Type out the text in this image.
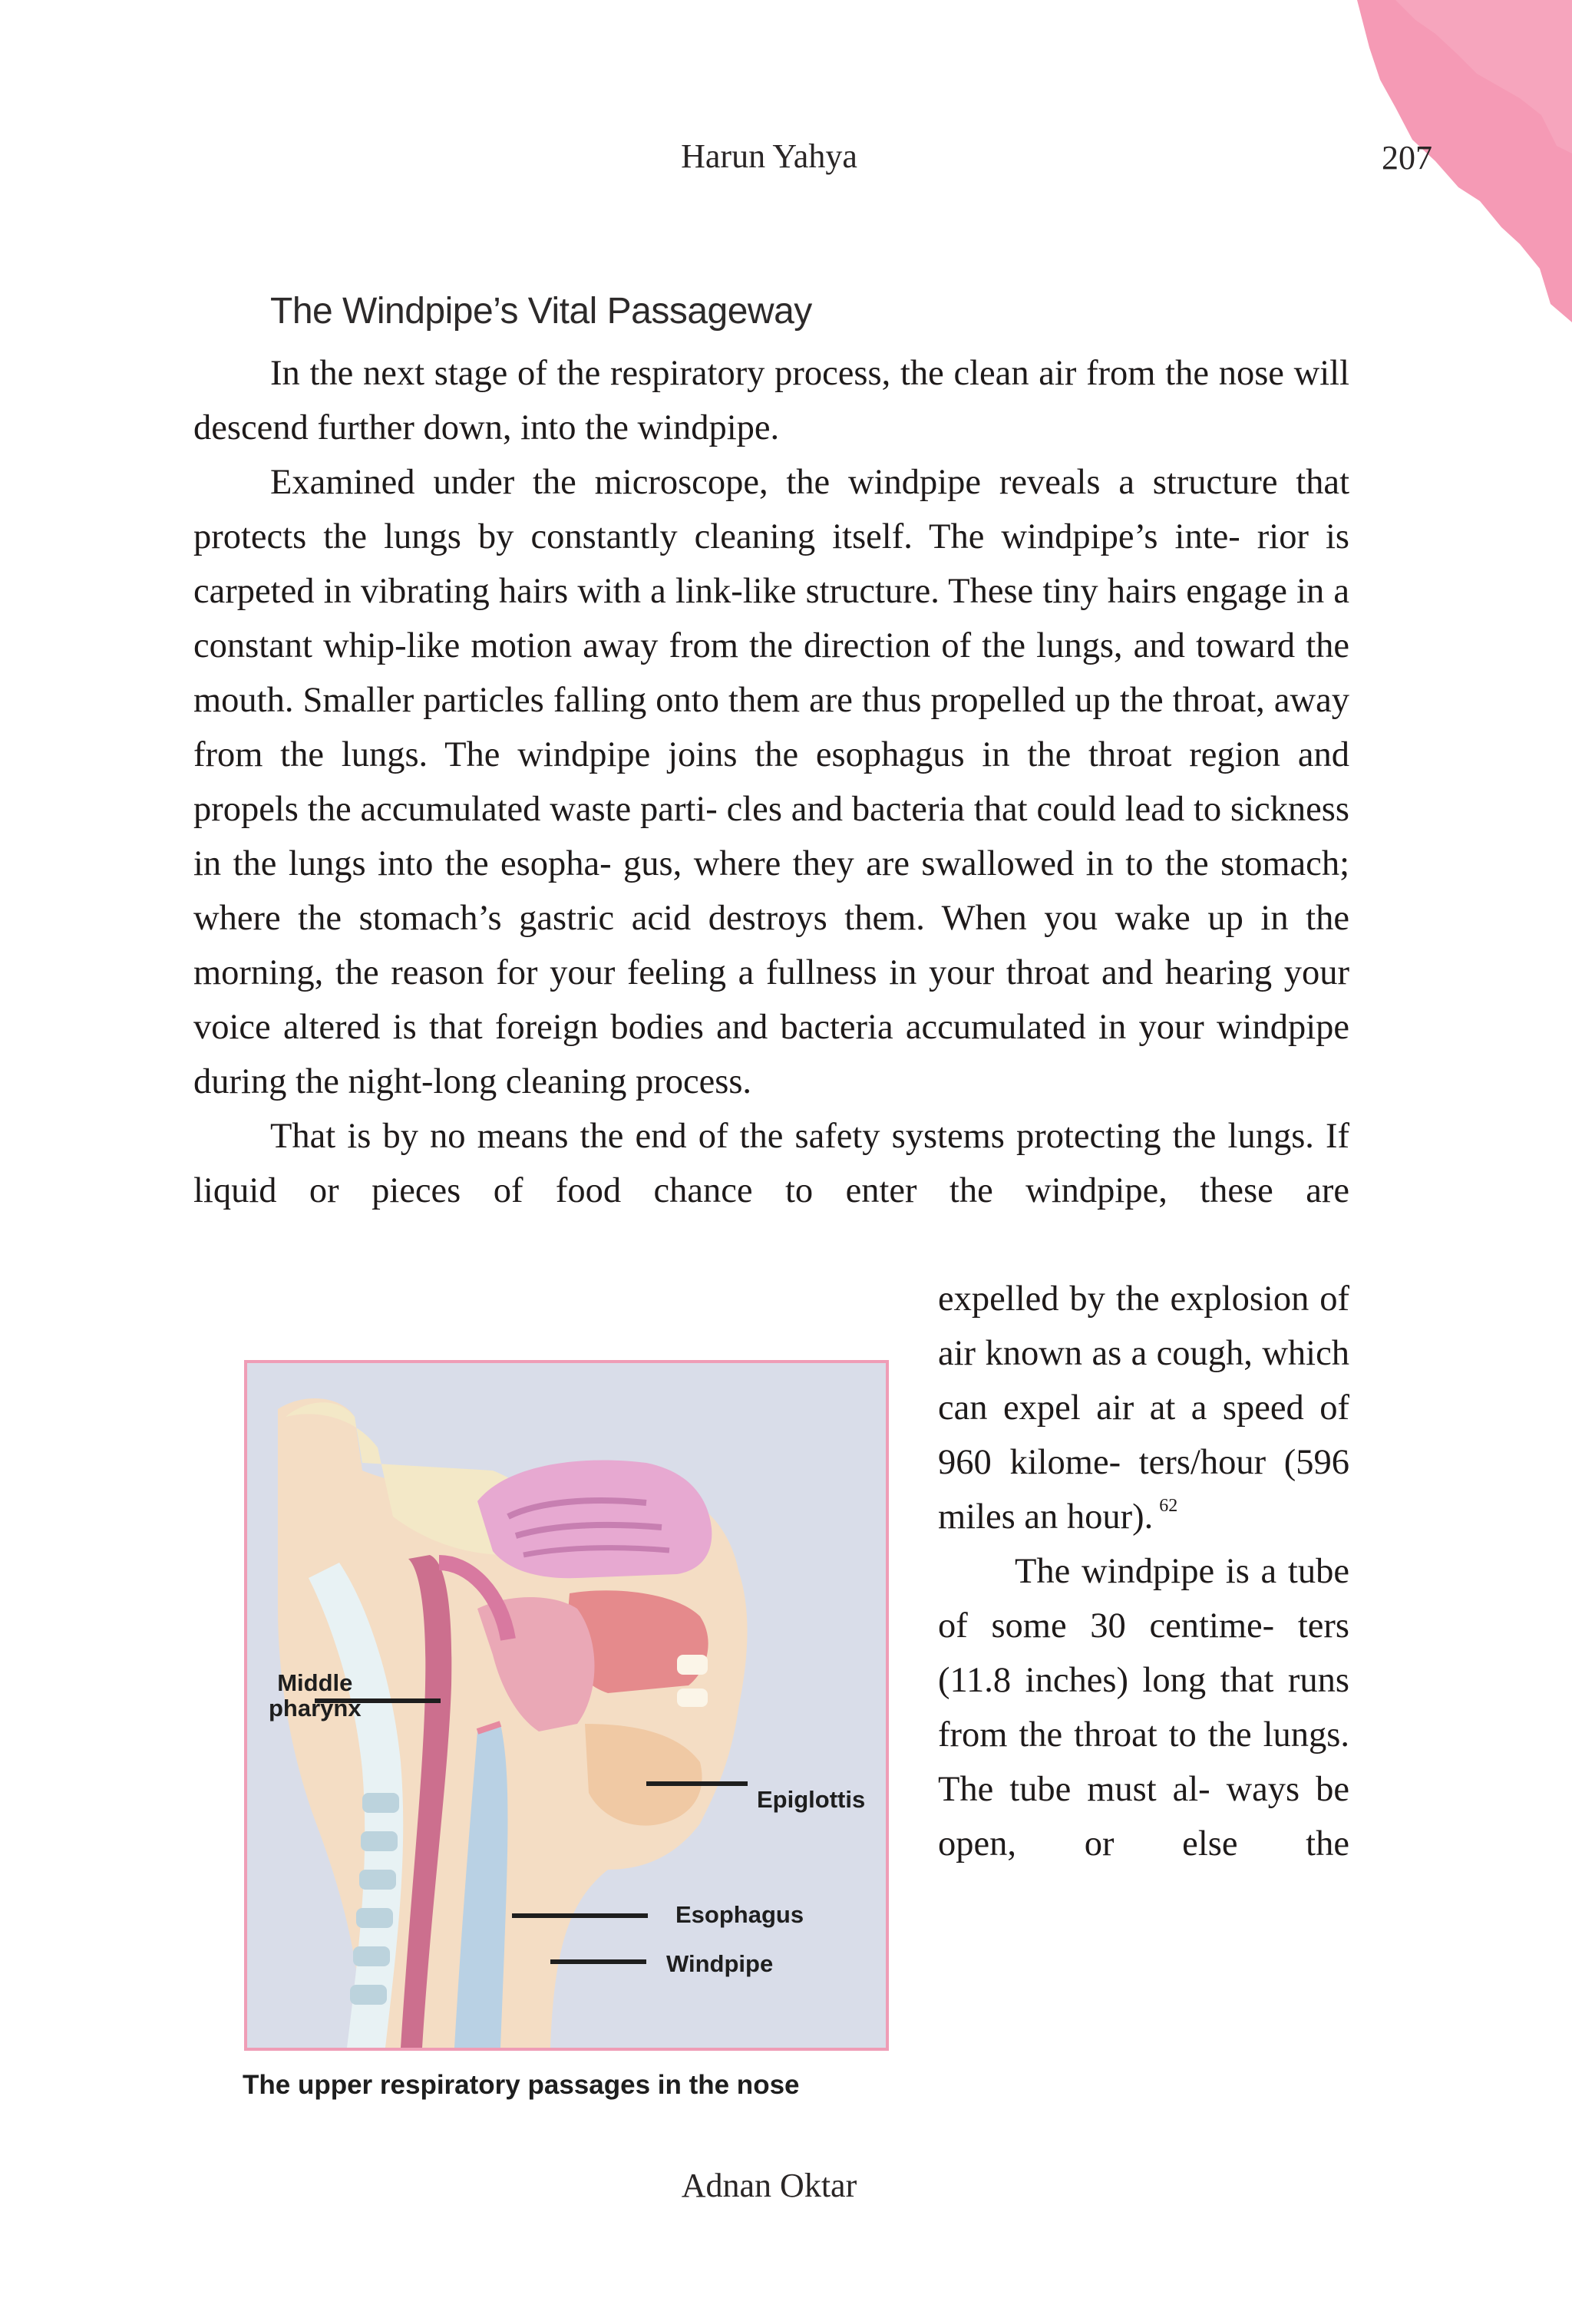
Harun Yahya	207
The Windpipe’s Vital Passageway

In the next stage of the respiratory process, the clean air from the nose will descend further down, into the windpipe.

Examined under the microscope, the windpipe reveals a structure that protects the lungs by constantly cleaning itself. The windpipe’s inte- rior is carpeted in vibrating hairs with a link-like structure. These tiny hairs engage in a constant whip-like motion away from the direction of the lungs, and toward the mouth. Smaller particles falling onto them are thus propelled up the throat, away from the lungs. The windpipe joins the esophagus in the throat region and propels the accumulated waste parti- cles and bacteria that could lead to sickness in the lungs into the esopha- gus, where they are swallowed in to the stomach; where the stomach’s gastric acid destroys them. When you wake up in the morning, the reason for your feeling a fullness in your throat and hearing your voice altered is that foreign bodies and bacteria accumulated in your windpipe during the night-long cleaning process.

That is by no means the end of the safety systems protecting the lungs. If liquid or pieces of food chance to enter the windpipe, these are

expelled by the explosion of air known as a cough, which can expel air at a speed of 960 kilome- ters/hour (596 miles an hour). $^{62}$

The windpipe is a tube of some 30 centime- ters (11.8 inches) long that runs from the throat to the lungs. The tube must al- ways be open, or else the

Middle
pharynx
Epiglottis
Esophagus
Windpipe
The upper respiratory passages in the nose
Adnan Oktar
